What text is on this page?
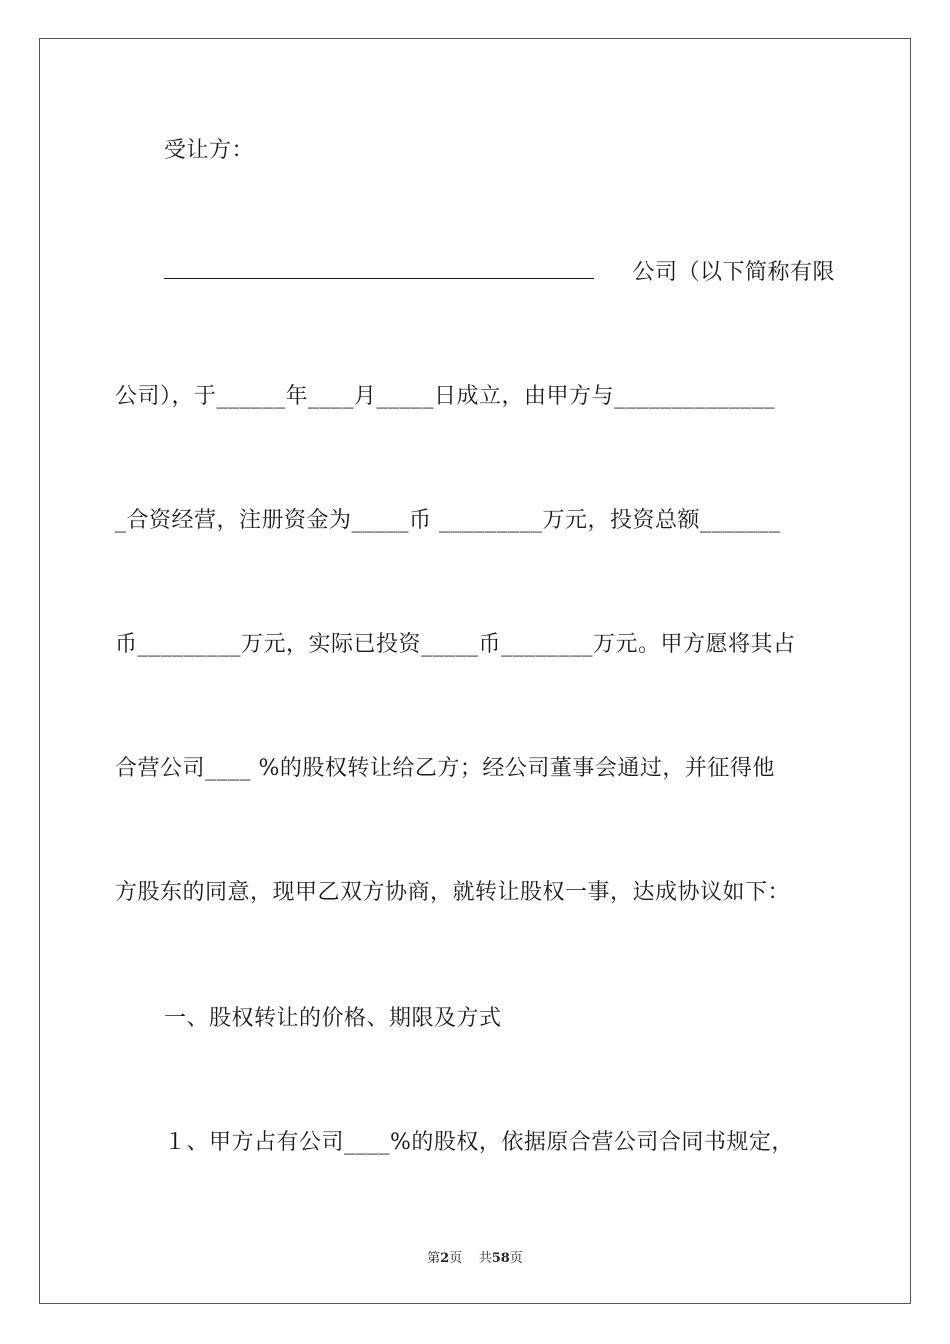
受让方：
公司（以下简称有限
公司），于______年____月_____日成立，由甲方与______________
_合资经营，注册资金为_____币 _________万元，投资总额_______
币_________万元，实际已投资_____币________万元。甲方愿将其占
合营公司____ %的股权转让给乙方；经公司董事会通过，并征得他
方股东的同意，现甲乙双方协商，就转让股权一事，达成协议如下：
一、股权转让的价格、期限及方式
１、甲方占有公司____%的股权，依据原合营公司合同书规定，
第2页 共58页
